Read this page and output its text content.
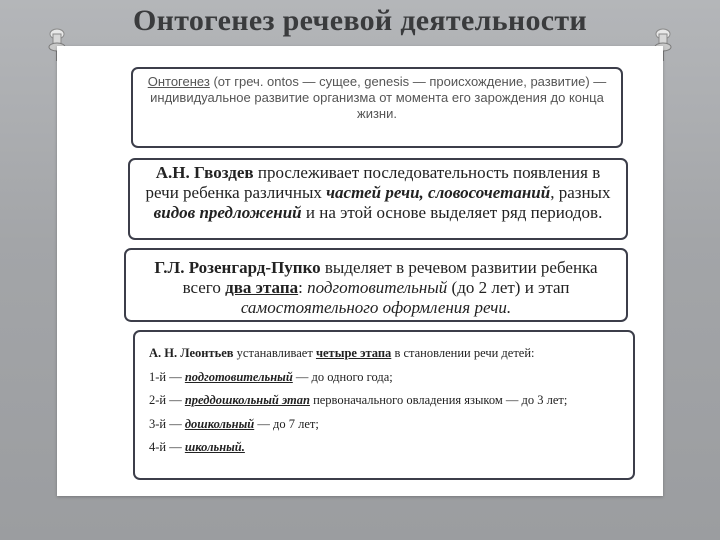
Онтогенез речевой деятельности
Онтогенез (от греч. ontos — сущее, genesis — происхождение, развитие) — индивидуальное развитие организма от момента его зарождения до конца жизни.
А.Н. Гвоздев прослеживает последовательность появления в речи ребенка различных частей речи, словосочетаний, разных видов предложений и на этой основе выделяет ряд периодов.
Г.Л. Розенгард-Пупко выделяет в речевом развитии ребенка всего два этапа: подготовительный (до 2 лет) и этап самостоятельного оформления речи.
А. Н. Леонтьев устанавливает четыре этапа в становлении речи детей:
1-й — подготовительный — до одного года;
2-й — преддошкольный этап первоначального овладения языком — до 3 лет;
3-й — дошкольный — до 7 лет;
4-й — школьный.
